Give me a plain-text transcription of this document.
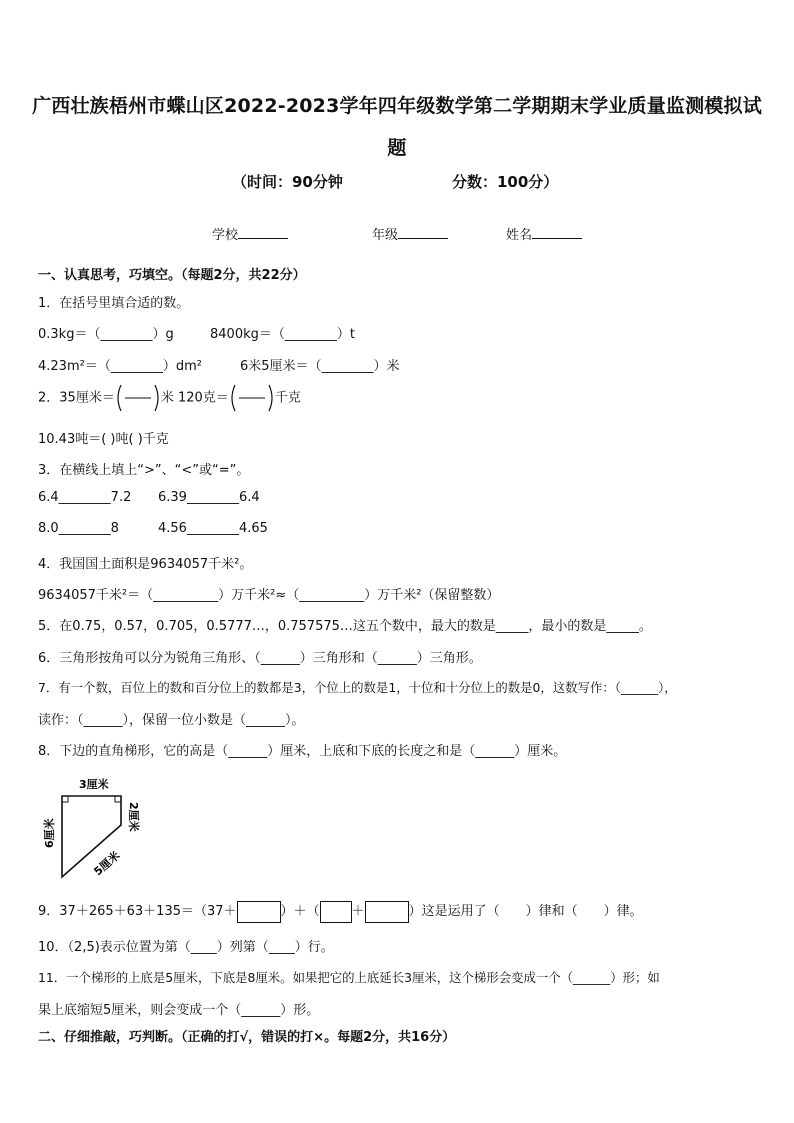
广西壮族梧州市蝶山区2022-2023学年四年级数学第二学期期末学业质量监测模拟试题
（时间：90分钟	分数：100分）
学校	年级	姓名
一、认真思考，巧填空。（每题2分，共22分）
1．在括号里填合适的数。
0.3kg＝（________）g	8400kg＝（________）t
4.23m²＝（________）dm²	6米5厘米＝（________）米
2．35厘米＝	米 120克＝	千克
10.43吨＝( )吨( )千克
3．在横线上填上“>”、“<”或“=”。
6.4________7.2 6.39________6.4
8.0________8	4.56________4.65
4．我国国土面积是9634057千米²。
9634057千米²＝（__________）万千米²≈（__________）万千米²（保留整数）
5．在0.75，0.57，0.705，0.5777…，0.757575…这五个数中，最大的数是_____，最小的数是_____。
6．三角形按角可以分为锐角三角形、（______）三角形和（______）三角形。
7．有一个数，百位上的数和百分位上的数都是3，个位上的数是1，十位和十分位上的数是0，这数写作：（______），
读作：（______），保留一位小数是（______）。
8．下边的直角梯形，它的高是（______）厘米，上底和下底的长度之和是（______）厘米。
3厘米
2厘米
6厘米
5厘米
9．37＋265＋63＋135＝（37＋	）＋（ ＋	）这是运用了（　　）律和（　　）律。
10．（2,5)表示位置为第（____）列第（____）行。
11．一个梯形的上底是5厘米，下底是8厘米。如果把它的上底延长3厘米，这个梯形会变成一个（______）形；如
果上底缩短5厘米，则会变成一个（______）形。
二、仔细推敲，巧判断。（正确的打√，错误的打×。每题2分，共16分）
